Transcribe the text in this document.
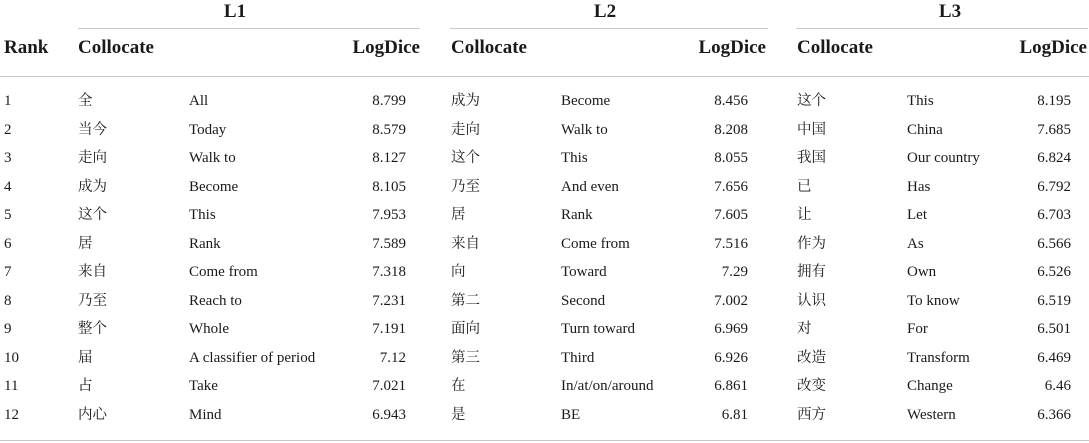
L1	L2	L3
Rank Collocate	LogDice Collocate	LogDice Collocate	LogDice
1	全	All	8.799	成为	Become	8.456	这个	This	8.195
2	当今	Today	8.579	走向	Walk to	8.208	中国	China	7.685
3	走向	Walk to	8.127	这个	This	8.055	我国	Our country	6.824
4	成为	Become	8.105	乃至	And even	7.656	已	Has	6.792
5	这个	This	7.953	居	Rank	7.605	让	Let	6.703
6	居	Rank	7.589	来自	Come from	7.516	作为	As	6.566
7	来自	Come from	7.318	向	Toward	7.29	拥有	Own	6.526
8	乃至	Reach to	7.231	第二	Second	7.002	认识	To know	6.519
9	整个	Whole	7.191	面向	Turn toward	6.969	对	For	6.501
10	届	A classifier of period	7.12	第三	Third	6.926	改造	Transform	6.469
11	占	Take	7.021	在	In/at/on/around	6.861	改变	Change	6.46
12	内心	Mind	6.943	是	BE	6.81	西方	Western	6.366
